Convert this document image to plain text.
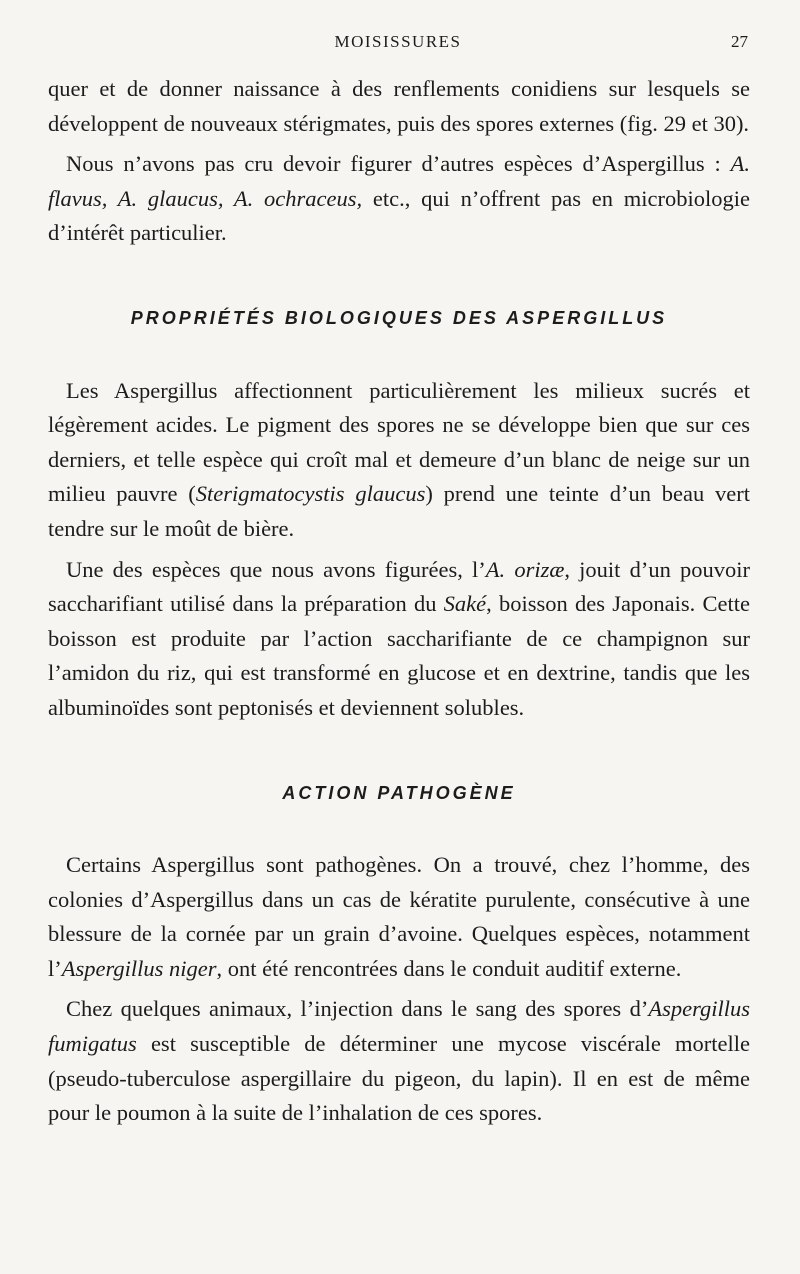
MOISISSURES	27

quer et de donner naissance à des renflements conidiens sur lesquels se développent de nouveaux stérigmates, puis des spores externes (fig. 29 et 30).

Nous n’avons pas cru devoir figurer d’autres espèces d’Aspergillus : A. flavus, A. glaucus, A. ochraceus, etc., qui n’offrent pas en microbiologie d’intérêt particulier.

PROPRIÉTÉS BIOLOGIQUES DES ASPERGILLUS

Les Aspergillus affectionnent particulièrement les milieux sucrés et légèrement acides. Le pigment des spores ne se développe bien que sur ces derniers, et telle espèce qui croît mal et demeure d’un blanc de neige sur un milieu pauvre (Sterigmatocystis glaucus) prend une teinte d’un beau vert tendre sur le moût de bière.

Une des espèces que nous avons figurées, l’A. orizæ, jouit d’un pouvoir saccharifiant utilisé dans la préparation du Saké, boisson des Japonais. Cette boisson est produite par l’action saccharifiante de ce champignon sur l’amidon du riz, qui est transformé en glucose et en dextrine, tandis que les albuminoïdes sont peptonisés et deviennent solubles.

ACTION PATHOGÈNE

Certains Aspergillus sont pathogènes. On a trouvé, chez l’homme, des colonies d’Aspergillus dans un cas de kératite purulente, consécutive à une blessure de la cornée par un grain d’avoine. Quelques espèces, notamment l’Aspergillus niger, ont été rencontrées dans le conduit auditif externe.

Chez quelques animaux, l’injection dans le sang des spores d’Aspergillus fumigatus est susceptible de déterminer une mycose viscérale mortelle (pseudo-tuberculose aspergillaire du pigeon, du lapin). Il en est de même pour le poumon à la suite de l’inhalation de ces spores.
